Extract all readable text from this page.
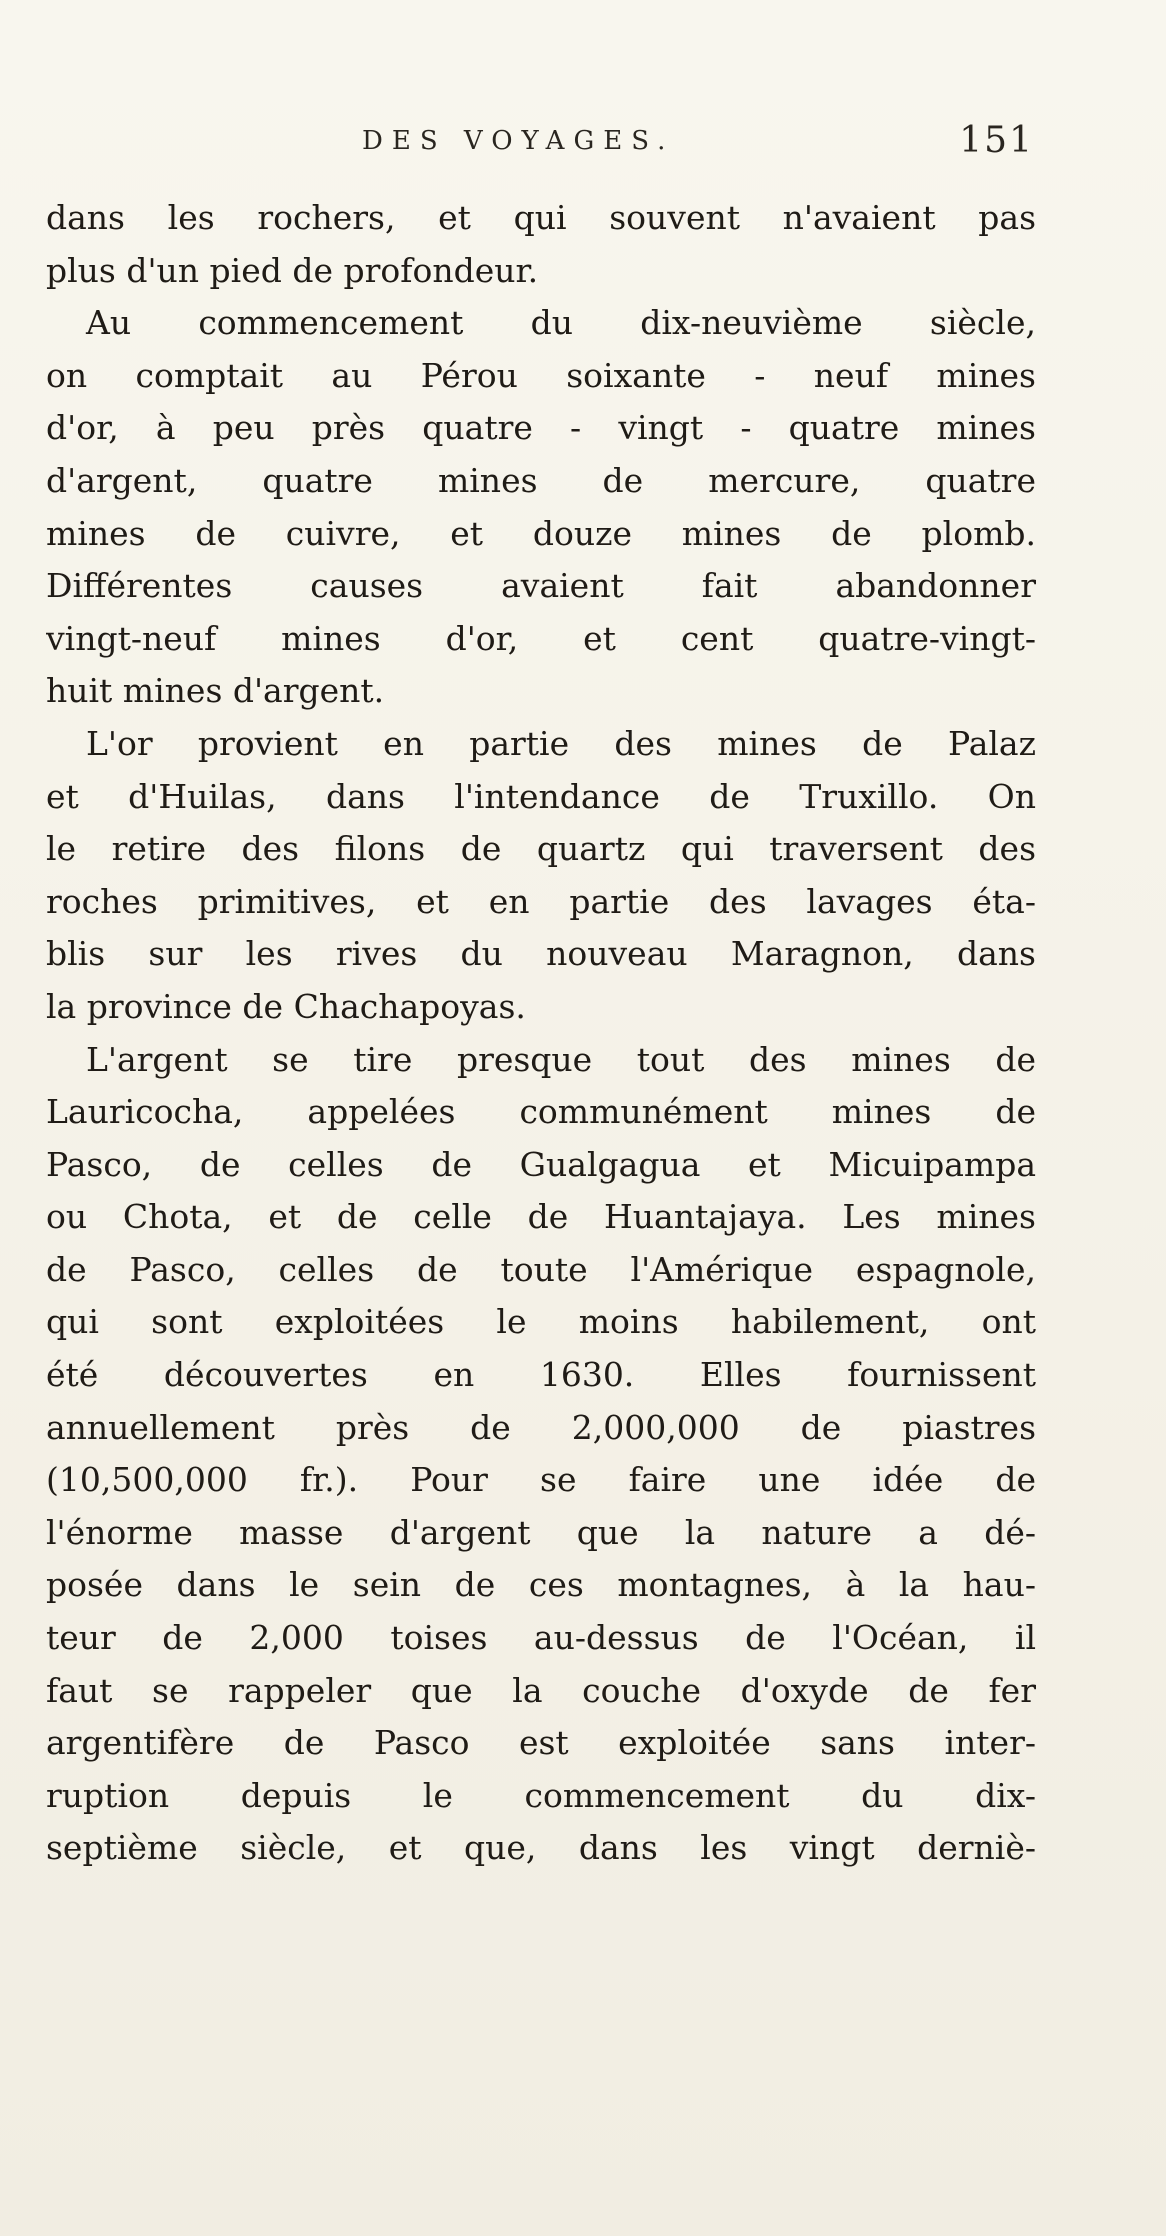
DES VOYAGES.	151
dans les rochers, et qui souvent n'avaient pas
plus d'un pied de profondeur.
Au commencement du dix-neuvième siècle,
on comptait au Pérou soixante - neuf mines
d'or, à peu près quatre - vingt - quatre mines
d'argent, quatre mines de mercure, quatre
mines de cuivre, et douze mines de plomb.
Différentes causes avaient fait abandonner
vingt-neuf mines d'or, et cent quatre-vingt-
huit mines d'argent.
L'or provient en partie des mines de Palaz
et d'Huilas, dans l'intendance de Truxillo. On
le retire des filons de quartz qui traversent des
roches primitives, et en partie des lavages éta-
blis sur les rives du nouveau Maragnon, dans
la province de Chachapoyas.
L'argent se tire presque tout des mines de
Lauricocha, appelées communément mines de
Pasco, de celles de Gualgagua et Micuipampa
ou Chota, et de celle de Huantajaya. Les mines
de Pasco, celles de toute l'Amérique espagnole,
qui sont exploitées le moins habilement, ont
été découvertes en 1630. Elles fournissent
annuellement près de 2,000,000 de piastres
(10,500,000 fr.). Pour se faire une idée de
l'énorme masse d'argent que la nature a dé-
posée dans le sein de ces montagnes, à la hau-
teur de 2,000 toises au-dessus de l'Océan, il
faut se rappeler que la couche d'oxyde de fer
argentifère de Pasco est exploitée sans inter-
ruption depuis le commencement du dix-
septième siècle, et que, dans les vingt derniè-
